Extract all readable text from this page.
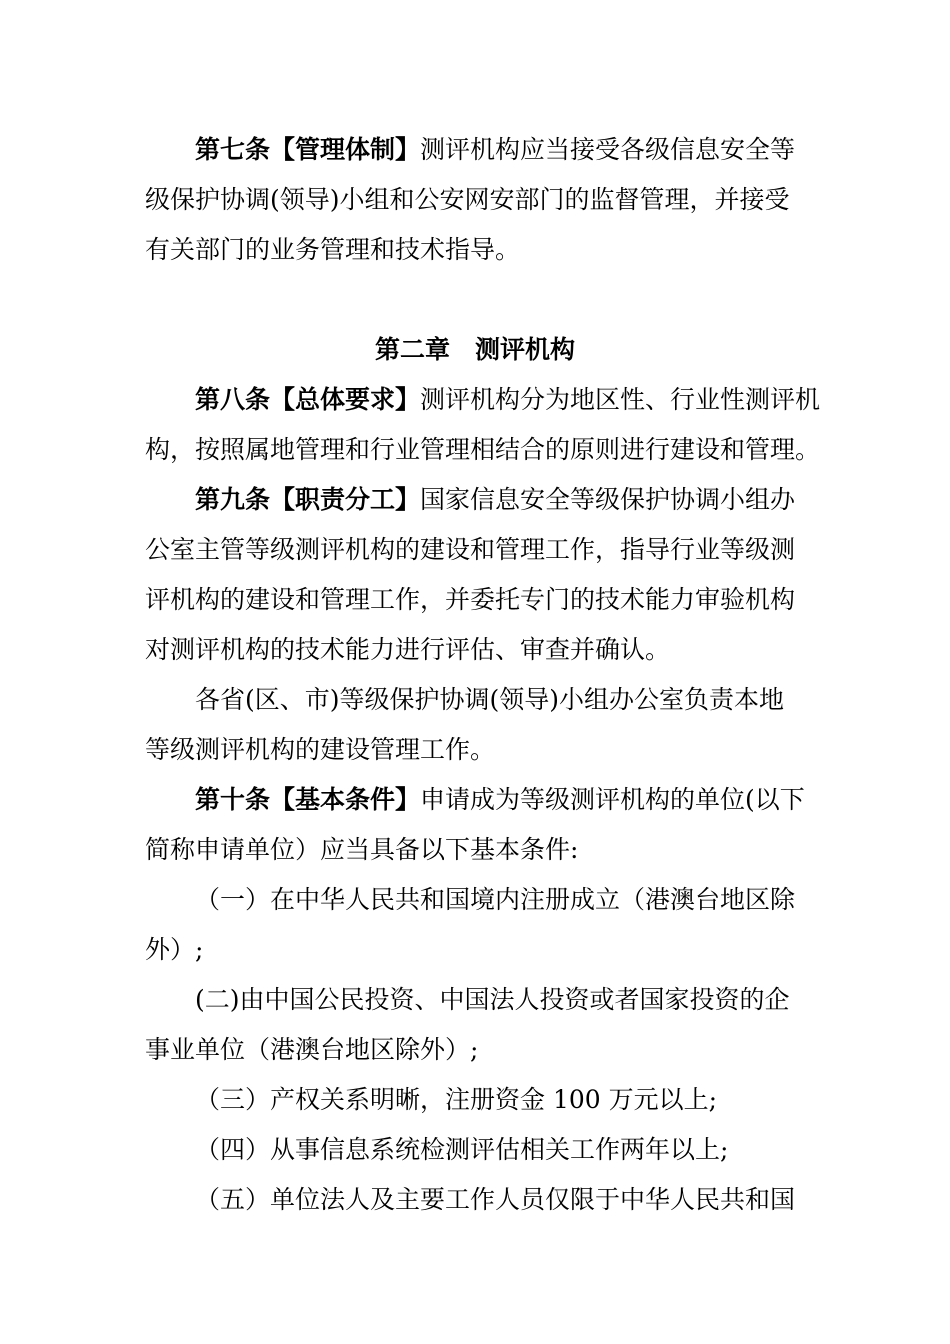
第七条【管理体制】测评机构应当接受各级信息安全等
级保护协调(领导)小组和公安网安部门的监督管理，并接受
有关部门的业务管理和技术指导。
第二章　测评机构
第八条【总体要求】测评机构分为地区性、行业性测评机
构，按照属地管理和行业管理相结合的原则进行建设和管理。
第九条【职责分工】国家信息安全等级保护协调小组办
公室主管等级测评机构的建设和管理工作，指导行业等级测
评机构的建设和管理工作，并委托专门的技术能力审验机构
对测评机构的技术能力进行评估、审查并确认。
各省(区、市)等级保护协调(领导)小组办公室负责本地
等级测评机构的建设管理工作。
第十条【基本条件】申请成为等级测评机构的单位(以下
简称申请单位）应当具备以下基本条件:
（一）在中华人民共和国境内注册成立（港澳台地区除
外）;
(二)由中国公民投资、中国法人投资或者国家投资的企
事业单位（港澳台地区除外）;
（三）产权关系明晰，注册资金 100 万元以上;
（四）从事信息系统检测评估相关工作两年以上;
（五）单位法人及主要工作人员仅限于中华人民共和国
